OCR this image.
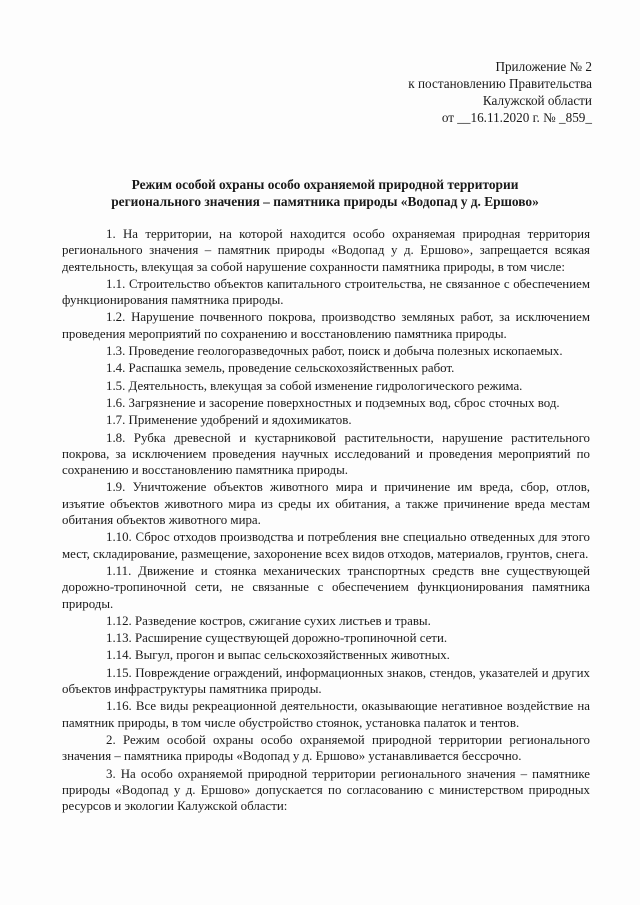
Приложение № 2
к постановлению Правительства
Калужской области
от __16.11.2020 г. № _859_
Режим особой охраны особо охраняемой природной территории
регионального значения – памятника природы «Водопад у д. Ершово»

1. На территории, на которой находится особо охраняемая природная территория регионального значения – памятник природы «Водопад у д. Ершово», запрещается всякая деятельность, влекущая за собой нарушение сохранности памятника природы, в том числе:

1.1. Строительство объектов капитального строительства, не связанное с обеспечением функционирования памятника природы.

1.2. Нарушение почвенного покрова, производство земляных работ, за исключением проведения мероприятий по сохранению и восстановлению памятника природы.

1.3. Проведение геологоразведочных работ, поиск и добыча полезных ископаемых.

1.4. Распашка земель, проведение сельскохозяйственных работ.

1.5. Деятельность, влекущая за собой изменение гидрологического режима.

1.6. Загрязнение и засорение поверхностных и подземных вод, сброс сточных вод.

1.7. Применение удобрений и ядохимикатов.

1.8. Рубка древесной и кустарниковой растительности, нарушение растительного покрова, за исключением проведения научных исследований и проведения мероприятий по сохранению и восстановлению памятника природы.

1.9. Уничтожение объектов животного мира и причинение им вреда, сбор, отлов, изъятие объектов животного мира из среды их обитания, а также причинение вреда местам обитания объектов животного мира.

1.10. Сброс отходов производства и потребления вне специально отведенных для этого мест, складирование, размещение, захоронение всех видов отходов, материалов, грунтов, снега.

1.11. Движение и стоянка механических транспортных средств вне существующей дорожно-тропиночной сети, не связанные с обеспечением функционирования памятника природы.

1.12. Разведение костров, сжигание сухих листьев и травы.

1.13. Расширение существующей дорожно-тропиночной сети.

1.14. Выгул, прогон и выпас сельскохозяйственных животных.

1.15. Повреждение ограждений, информационных знаков, стендов, указателей и других объектов инфраструктуры памятника природы.

1.16. Все виды рекреационной деятельности, оказывающие негативное воздействие на памятник природы, в том числе обустройство стоянок, установка палаток и тентов.

2. Режим особой охраны особо охраняемой природной территории регионального значения – памятника природы «Водопад у д. Ершово» устанавливается бессрочно.

3. На особо охраняемой природной территории регионального значения – памятнике природы «Водопад у д. Ершово» допускается по согласованию с министерством природных ресурсов и экологии Калужской области:
